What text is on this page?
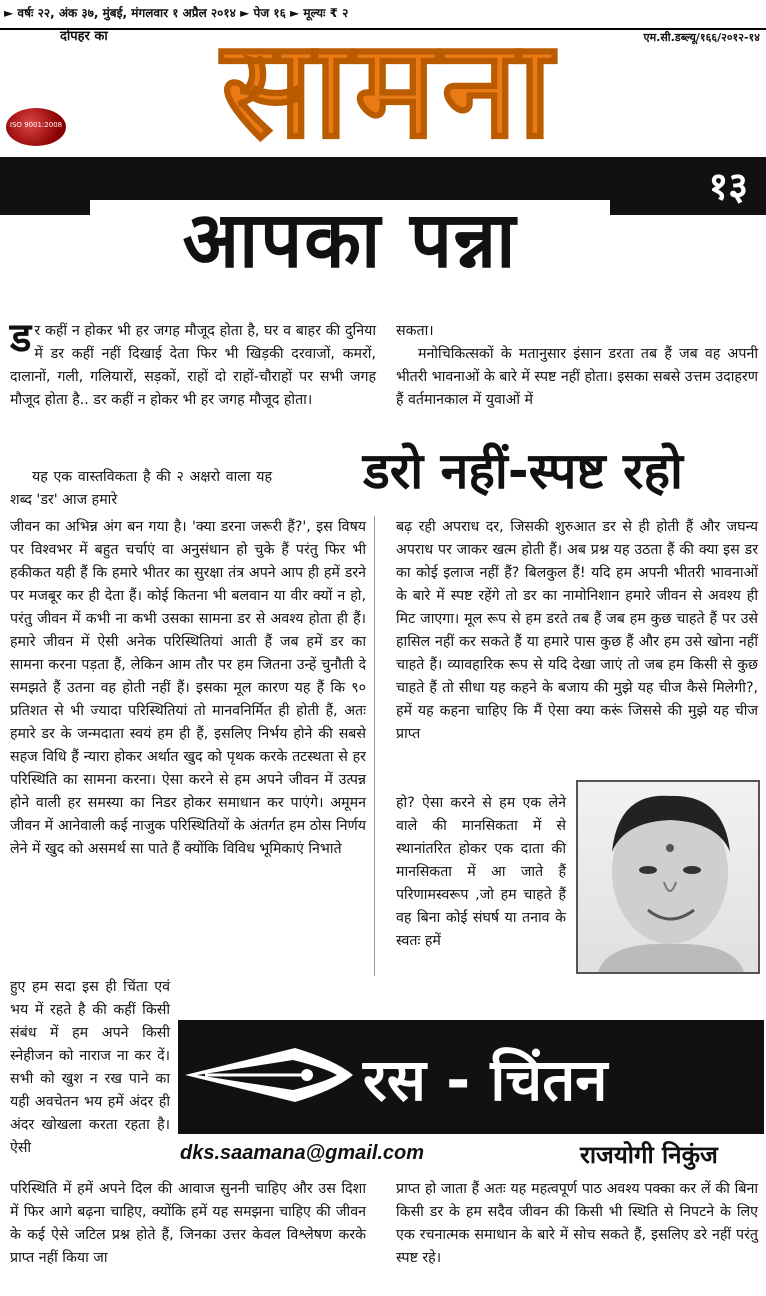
► वर्षः २२, अंक ३७, मुंबई, मंगलवार १ अप्रैल २०१४ ► पेज १६ ► मूल्यः ₹ २
एम.सी.डब्ल्यू/१६६/२०१२-१४
दोपहर का सामना
ISO 9001:2008
१३
आपका पन्ना
ड र कहीं न होकर भी हर जगह मौजूद होता है, घर व बाहर की दुनिया में डर कहीं नहीं दिखाई देता फिर भी खिड़की दरवाजों, कमरों, दालानों, गली, गलियारों, सड़कों, राहों दो राहों-चौराहों पर सभी जगह मौजूद होता है.. डर कहीं न होकर भी हर जगह मौजूद होता।
यह एक वास्तविकता है की २ अक्षरो वाला यह शब्द 'डर' आज हमारे

सकता।

मनोचिकित्सकों के मतानुसार इंसान डरता तब हैं जब वह अपनी भीतरी भावनाओं के बारे में स्पष्ट नहीं होता। इसका सबसे उत्तम उदाहरण हैं वर्तमानकाल में युवाओं में

डरो नहीं-स्पष्ट रहो
जीवन का अभिन्न अंग बन गया है। 'क्या डरना जरूरी हैं?', इस विषय पर विश्वभर में बहुत चर्चाएं वा अनुसंधान हो चुके हैं परंतु फिर भी हकीकत यही हैं कि हमारे भीतर का सुरक्षा तंत्र अपने आप ही हमें डरने पर मजबूर कर ही देता हैं। कोई कितना भी बलवान या वीर क्यों न हो, परंतु जीवन में कभी ना कभी उसका सामना डर से अवश्य होता ही हैं। हमारे जीवन में ऐसी अनेक परिस्थितियां आती हैं जब हमें डर का सामना करना पड़ता हैं, लेकिन आम तौर पर हम जितना उन्हें चुनौती दे समझते हैं उतना वह होती नहीं हैं। इसका मूल कारण यह हैं कि ९० प्रतिशत से भी ज्यादा परिस्थितियां तो मानवनिर्मित ही होती हैं, अतः हमारे डर के जन्मदाता स्वयं हम ही हैं, इसलिए निर्भय होने की सबसे सहज विधि हैं न्यारा होकर अर्थात खुद को पृथक करके तटस्थता से हर परिस्थिति का सामना करना। ऐसा करने से हम अपने जीवन में उत्पन्न होने वाली हर समस्या का निडर होकर समाधान कर पाएंगे। अमूमन जीवन में आनेवाली कई नाजुक परिस्थितियों के अंतर्गत हम ठोस निर्णय लेने में खुद को असमर्थ सा पाते हैं क्योंकि विविध भूमिकाएं निभाते
हुए हम सदा इस ही चिंता एवं भय में रहते है की कहीं किसी संबंध में हम अपने किसी स्नेहीजन को नाराज ना कर दें। सभी को खुश न रख पाने का यही अवचेतन भय हमें अंदर ही अंदर खोखला करता रहता है। ऐसी
बढ़ रही अपराध दर, जिसकी शुरुआत डर से ही होती हैं और जघन्य अपराध पर जाकर खत्म होती हैं। अब प्रश्न यह उठता हैं की क्या इस डर का कोई इलाज नहीं हैं? बिलकुल हैं! यदि हम अपनी भीतरी भावनाओं के बारे में स्पष्ट रहेंगे तो डर का नामोनिशान हमारे जीवन से अवश्य ही मिट जाएगा। मूल रूप से हम डरते तब हैं जब हम कुछ चाहते हैं पर उसे हासिल नहीं कर सकते हैं या हमारे पास कुछ हैं और हम उसे खोना नहीं चाहते हैं। व्यावहारिक रूप से यदि देखा जाएं तो जब हम किसी से कुछ चाहते हैं तो सीधा यह कहने के बजाय की मुझे यह चीज कैसे मिलेगी?, हमें यह कहना चाहिए कि मैं ऐसा क्या करूं जिससे की मुझे यह चीज प्राप्त
हो? ऐसा करने से हम एक लेने वाले की मानसिकता में से स्थानांतरित होकर एक दाता की मानसिकता में आ जाते हैं परिणामस्वरूप ,जो हम चाहते हैं वह बिना कोई संघर्ष या तनाव के स्वतः हमें
रस - चिंतन
dks.saamana@gmail.com	राजयोगी निकुंज
परिस्थिति में हमें अपने दिल की आवाज सुननी चाहिए और उस दिशा में फिर आगे बढ़ना चाहिए, क्योंकि हमें यह समझना चाहिए की जीवन के कई ऐसे जटिल प्रश्न होते हैं, जिनका उत्तर केवल विश्लेषण करके प्राप्त नहीं किया जा
प्राप्त हो जाता हैं अतः यह महत्वपूर्ण पाठ अवश्य पक्का कर लें की बिना किसी डर के हम सदैव जीवन की किसी भी स्थिति से निपटने के लिए एक रचनात्मक समाधान के बारे में सोच सकते हैं, इसलिए डरे नहीं परंतु स्पष्ट रहे।
